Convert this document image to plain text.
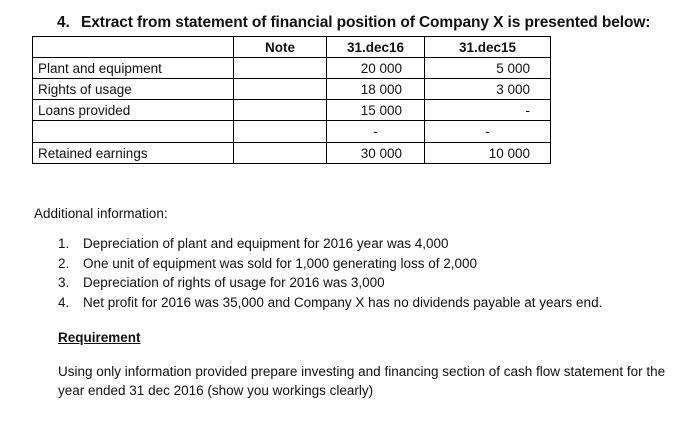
4. Extract from statement of financial position of Company X is presented below:
	Note	31.dec16	31.dec15
Plant and equipment		20 000	5 000
Rights of usage		18 000	3 000
Loans provided		15 000	-
		-	-
Retained earnings		30 000	10 000
Additional information:
1. Depreciation of plant and equipment for 2016 year was 4,000
2. One unit of equipment was sold for 1,000 generating loss of 2,000
3. Depreciation of rights of usage for 2016 was 3,000
4. Net profit for 2016 was 35,000 and Company X has no dividends payable at years end.
Requirement
Using only information provided prepare investing and financing section of cash flow statement for the year ended 31 dec 2016 (show you workings clearly)
